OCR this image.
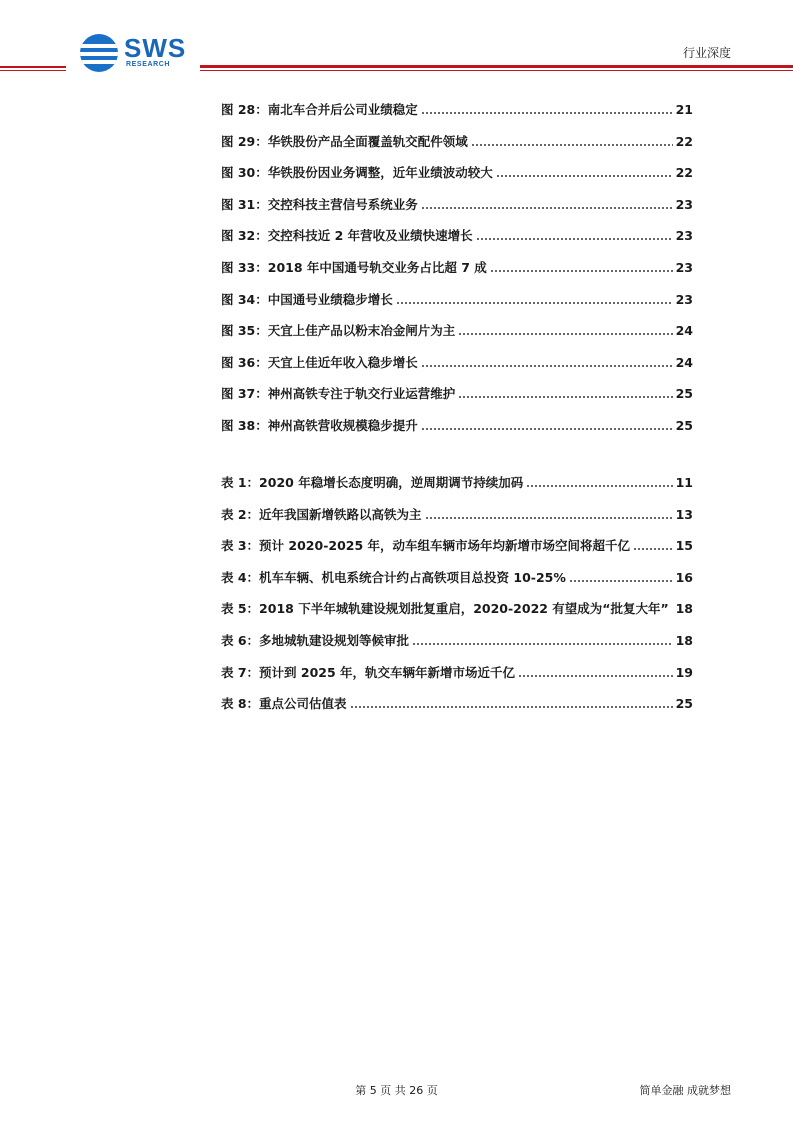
SWS
RESEARCH
行业深度
图 28：南北车合并后公司业绩稳定	21
图 29：华铁股份产品全面覆盖轨交配件领域	22
图 30：华铁股份因业务调整，近年业绩波动较大	22
图 31：交控科技主营信号系统业务	23
图 32：交控科技近 2 年营收及业绩快速增长	23
图 33：2018 年中国通号轨交业务占比超 7 成	23
图 34：中国通号业绩稳步增长	23
图 35：天宜上佳产品以粉末冶金闸片为主	24
图 36：天宜上佳近年收入稳步增长	24
图 37：神州高铁专注于轨交行业运营维护	25
图 38：神州高铁营收规模稳步提升	25
表 1：2020 年稳增长态度明确，逆周期调节持续加码	11
表 2：近年我国新增铁路以高铁为主	13
表 3：预计 2020-2025 年，动车组车辆市场年均新增市场空间将超千亿	15
表 4：机车车辆、机电系统合计约占高铁项目总投资 10-25%	16
表 5：2018 下半年城轨建设规划批复重启，2020-2022 有望成为“批复大年” 18
表 6：多地城轨建设规划等候审批	18
表 7：预计到 2025 年，轨交车辆年新增市场近千亿	19
表 8：重点公司估值表	25
第 5 页 共 26 页	简单金融 成就梦想
